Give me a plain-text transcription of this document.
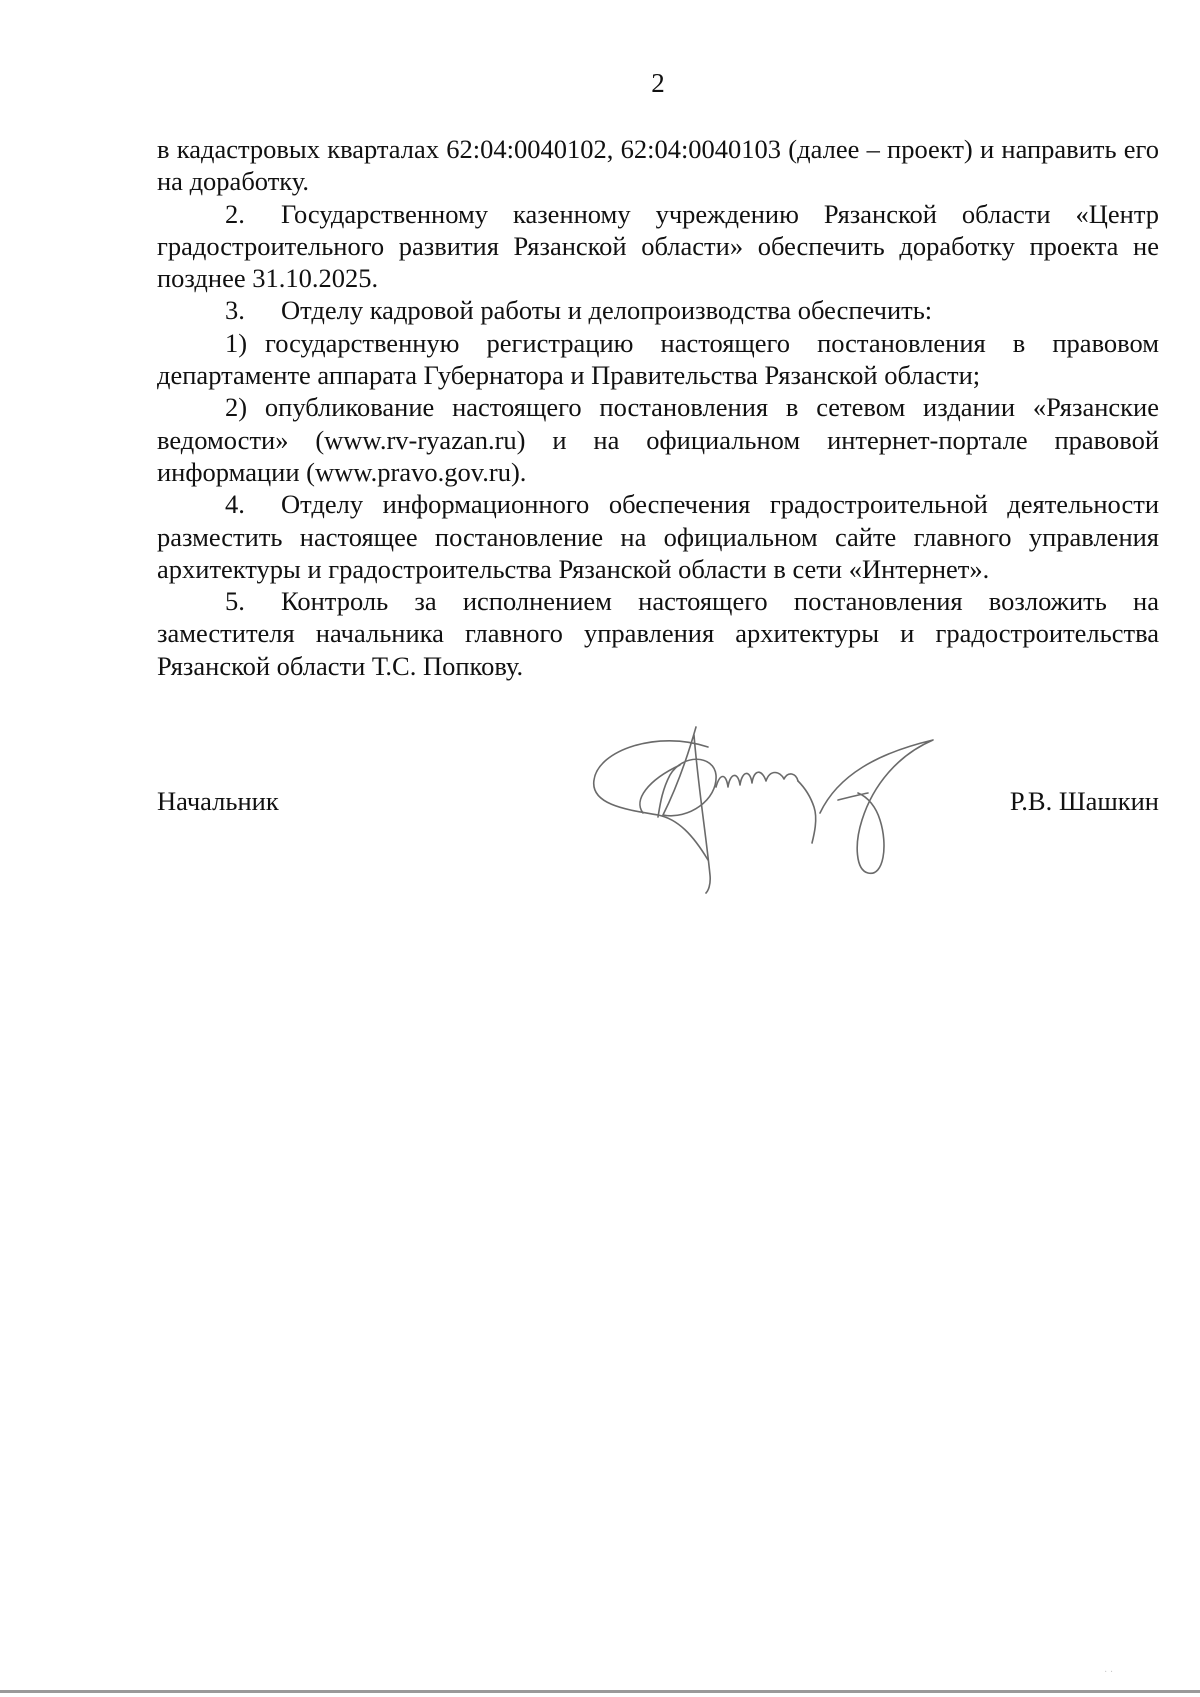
2

в кадастровых кварталах 62:04:0040102, 62:04:0040103 (далее – проект) и направить его на доработку.

2. Государственному казенному учреждению Рязанской области «Центр градостроительного развития Рязанской области» обеспечить доработку проекта не позднее 31.10.2025.

3. Отделу кадровой работы и делопроизводства обеспечить:

1) государственную регистрацию настоящего постановления в правовом департаменте аппарата Губернатора и Правительства Рязанской области;

2) опубликование настоящего постановления в сетевом издании «Рязанские ведомости» (www.rv-ryazan.ru) и на официальном интернет-портале правовой информации (www.pravo.gov.ru).

4. Отделу информационного обеспечения градостроительной деятельности разместить настоящее постановление на официальном сайте главного управления архитектуры и градостроительства Рязанской области в сети «Интернет».

5. Контроль за исполнением настоящего постановления возложить на заместителя начальника главного управления архитектуры и градостроительства Рязанской области Т.С. Попкову.

Начальник	Р.В. Шашкин
· ·
